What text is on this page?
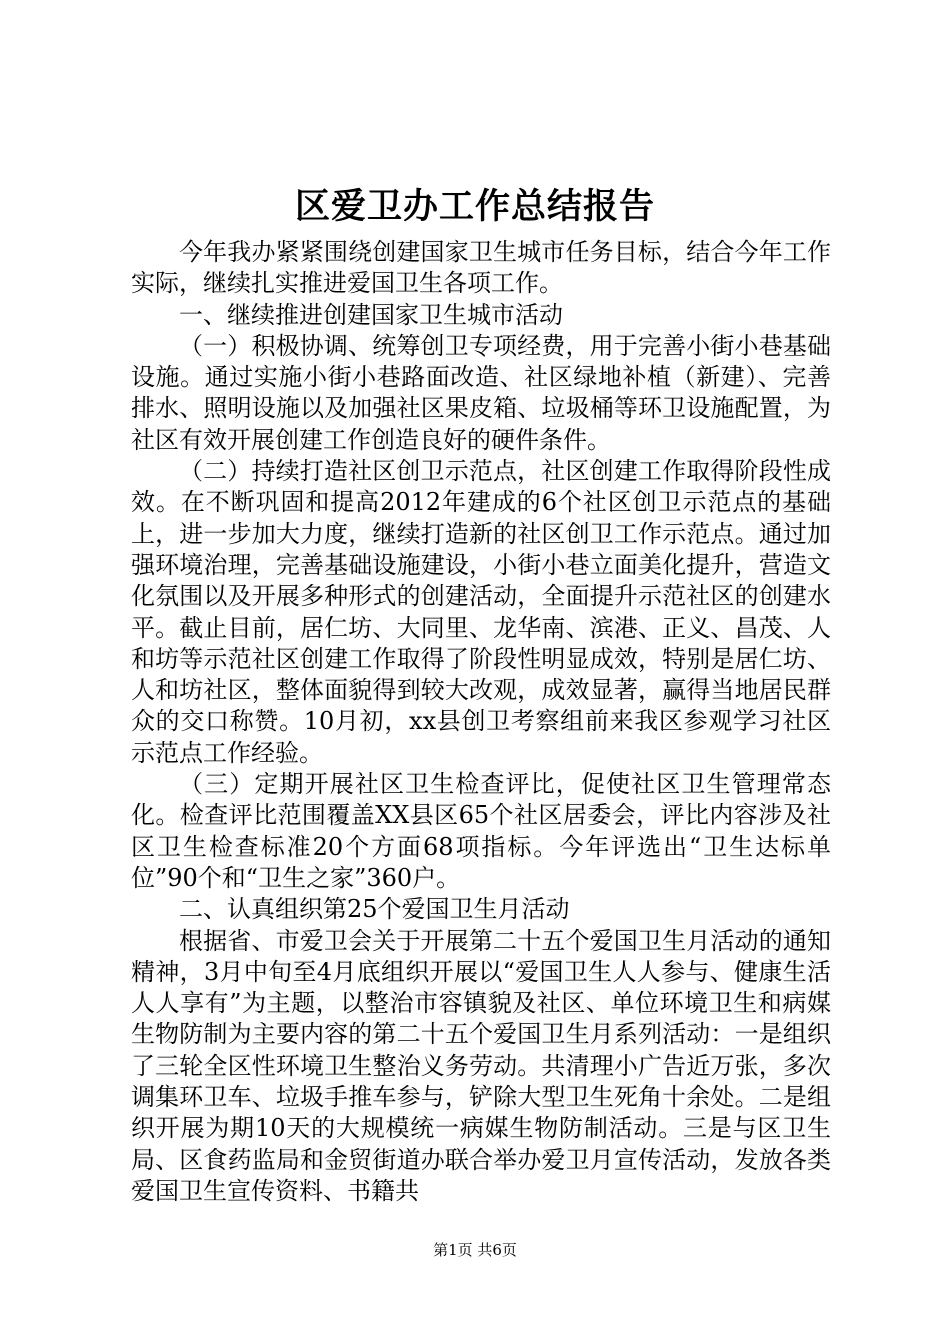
区爱卫办工作总结报告

今年我办紧紧围绕创建国家卫生城市任务目标，结合今年工作实际，继续扎实推进爱国卫生各项工作。

一、继续推进创建国家卫生城市活动

（一）积极协调、统筹创卫专项经费，用于完善小街小巷基础设施。通过实施小街小巷路面改造、社区绿地补植（新建）、完善排水、照明设施以及加强社区果皮箱、垃圾桶等环卫设施配置，为社区有效开展创建工作创造良好的硬件条件。

（二）持续打造社区创卫示范点，社区创建工作取得阶段性成效。在不断巩固和提高2012年建成的6个社区创卫示范点的基础上，进一步加大力度，继续打造新的社区创卫工作示范点。通过加强环境治理，完善基础设施建设，小街小巷立面美化提升，营造文化氛围以及开展多种形式的创建活动，全面提升示范社区的创建水平。截止目前，居仁坊、大同里、龙华南、滨港、正义、昌茂、人和坊等示范社区创建工作取得了阶段性明显成效，特别是居仁坊、人和坊社区，整体面貌得到较大改观，成效显著，赢得当地居民群众的交口称赞。10月初，xx县创卫考察组前来我区参观学习社区示范点工作经验。

（三）定期开展社区卫生检查评比，促使社区卫生管理常态化。检查评比范围覆盖XX县区65个社区居委会，评比内容涉及社区卫生检查标准20个方面68项指标。今年评选出“卫生达标单位”90个和“卫生之家”360户。

二、认真组织第25个爱国卫生月活动

根据省、市爱卫会关于开展第二十五个爱国卫生月活动的通知精神，3月中旬至4月底组织开展以“爱国卫生人人参与、健康生活人人享有”为主题，以整治市容镇貌及社区、单位环境卫生和病媒生物防制为主要内容的第二十五个爱国卫生月系列活动：一是组织了三轮全区性环境卫生整治义务劳动。共清理小广告近万张，多次调集环卫车、垃圾手推车参与，铲除大型卫生死角十余处。二是组织开展为期10天的大规模统一病媒生物防制活动。三是与区卫生局、区食药监局和金贸街道办联合举办爱卫月宣传活动，发放各类爱国卫生宣传资料、书籍共

第1页 共6页
